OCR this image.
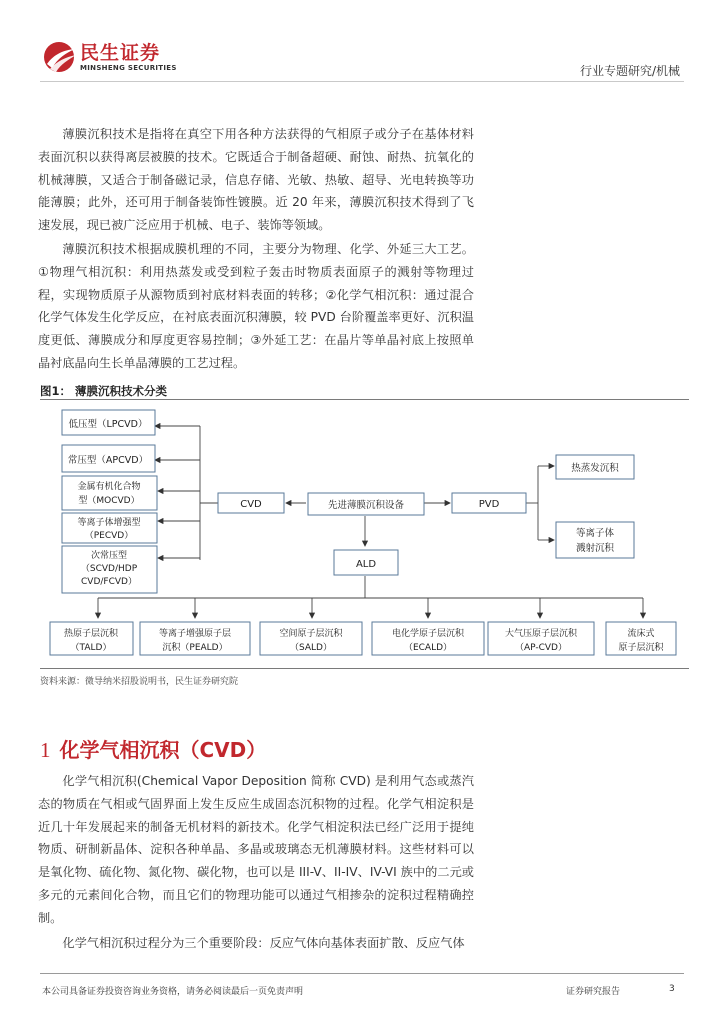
民生证券
MINSHENG SECURITIES	行业专题研究/机械

薄膜沉积技术是指将在真空下用各种方法获得的气相原子或分子在基体材料表面沉积以获得离层被膜的技术。它既适合于制备超硬、耐蚀、耐热、抗氧化的机械薄膜，又适合于制备磁记录，信息存储、光敏、热敏、超导、光电转换等功能薄膜；此外，还可用于制备装饰性镀膜。近 20 年来，薄膜沉积技术得到了飞速发展，现已被广泛应用于机械、电子、装饰等领域。

薄膜沉积技术根据成膜机理的不同，主要分为物理、化学、外延三大工艺。①物理气相沉积：利用热蒸发或受到粒子轰击时物质表面原子的溅射等物理过程，实现物质原子从源物质到衬底材料表面的转移；②化学气相沉积：通过混合化学气体发生化学反应，在衬底表面沉积薄膜，较 PVD 台阶覆盖率更好、沉积温度更低、薄膜成分和厚度更容易控制；③外延工艺：在晶片等单晶衬底上按照单晶衬底晶向生长单晶薄膜的工艺过程。

图1： 薄膜沉积技术分类
低压型（LPCVD）
常压型（APCVD）
金属有机化合物
型（MOCVD）
等离子体增强型
（PECVD）
次常压型
（SCVD/HDP
CVD/FCVD）
CVD	先进薄膜沉积设备	PVD
热蒸发沉积
等离子体
溅射沉积
ALD
热原子层沉积
（TALD）
等离子增强原子层
沉积（PEALD）
空间原子层沉积
（SALD）
电化学原子层沉积
（ECALD）
大气压原子层沉积
（AP-CVD）
流床式
原子层沉积
资料来源：微导纳米招股说明书，民生证券研究院
1 化学气相沉积（CVD）

化学气相沉积(Chemical Vapor Deposition 简称 CVD) 是利用气态或蒸汽态的物质在气相或气固界面上发生反应生成固态沉积物的过程。化学气相淀积是近几十年发展起来的制备无机材料的新技术。化学气相淀积法已经广泛用于提纯物质、研制新晶体、淀积各种单晶、多晶或玻璃态无机薄膜材料。这些材料可以是氧化物、硫化物、氮化物、碳化物，也可以是 III-V、II-IV、IV-VI 族中的二元或多元的元素间化合物，而且它们的物理功能可以通过气相掺杂的淀积过程精确控制。

化学气相沉积过程分为三个重要阶段：反应气体向基体表面扩散、反应气体

本公司具备证券投资咨询业务资格，请务必阅读最后一页免责声明	证券研究报告	3
